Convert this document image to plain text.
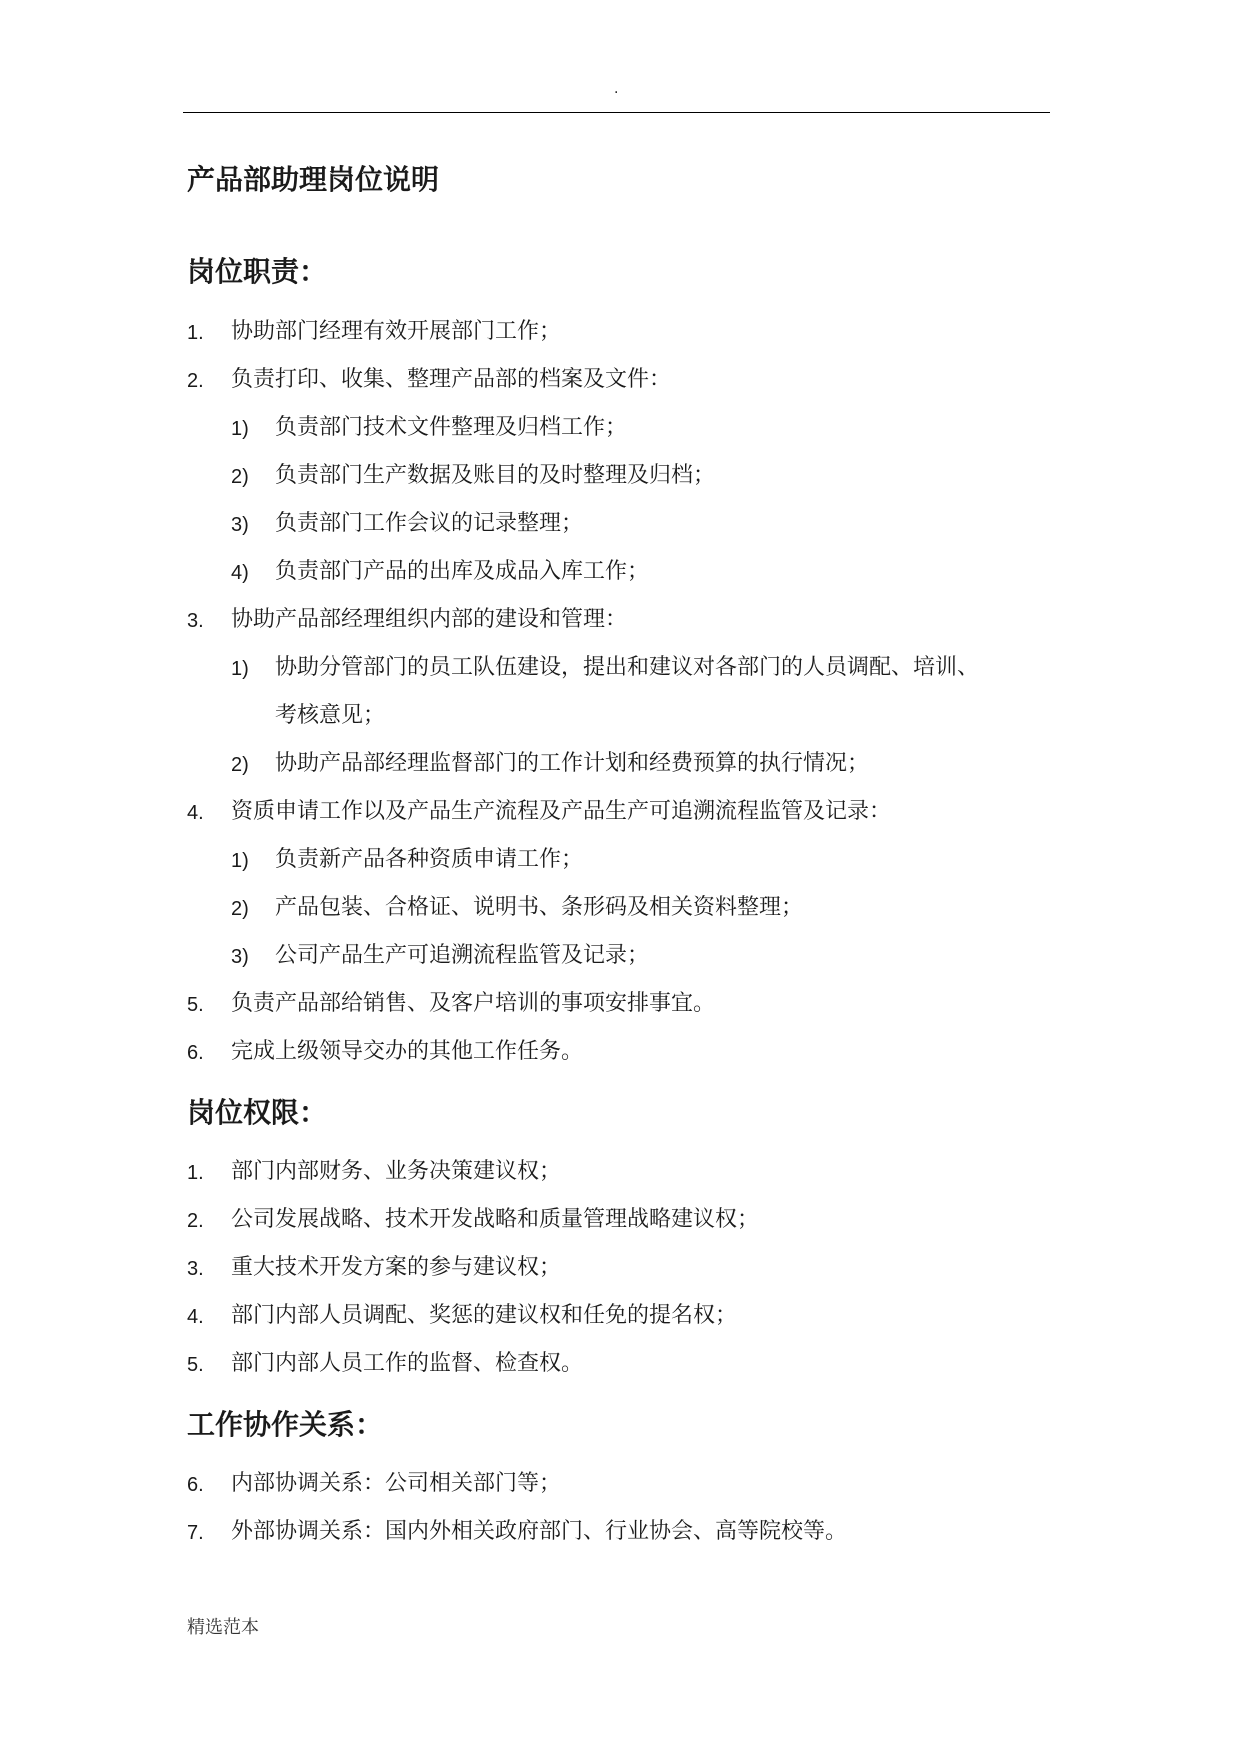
.
产品部助理岗位说明
岗位职责：
1. 协助部门经理有效开展部门工作；
2. 负责打印、收集、整理产品部的档案及文件：
1) 负责部门技术文件整理及归档工作；
2) 负责部门生产数据及账目的及时整理及归档；
3) 负责部门工作会议的记录整理；
4) 负责部门产品的出库及成品入库工作；
3. 协助产品部经理组织内部的建设和管理：
1) 协助分管部门的员工队伍建设，提出和建议对各部门的人员调配、培训、
考核意见；
2) 协助产品部经理监督部门的工作计划和经费预算的执行情况；
4. 资质申请工作以及产品生产流程及产品生产可追溯流程监管及记录：
1) 负责新产品各种资质申请工作；
2) 产品包装、合格证、说明书、条形码及相关资料整理；
3) 公司产品生产可追溯流程监管及记录；
5. 负责产品部给销售、及客户培训的事项安排事宜。
6. 完成上级领导交办的其他工作任务。
岗位权限：
1. 部门内部财务、业务决策建议权；
2. 公司发展战略、技术开发战略和质量管理战略建议权；
3. 重大技术开发方案的参与建议权；
4. 部门内部人员调配、奖惩的建议权和任免的提名权；
5. 部门内部人员工作的监督、检查权。
工作协作关系：
6. 内部协调关系：公司相关部门等；
7. 外部协调关系：国内外相关政府部门、行业协会、高等院校等。
精选范本
